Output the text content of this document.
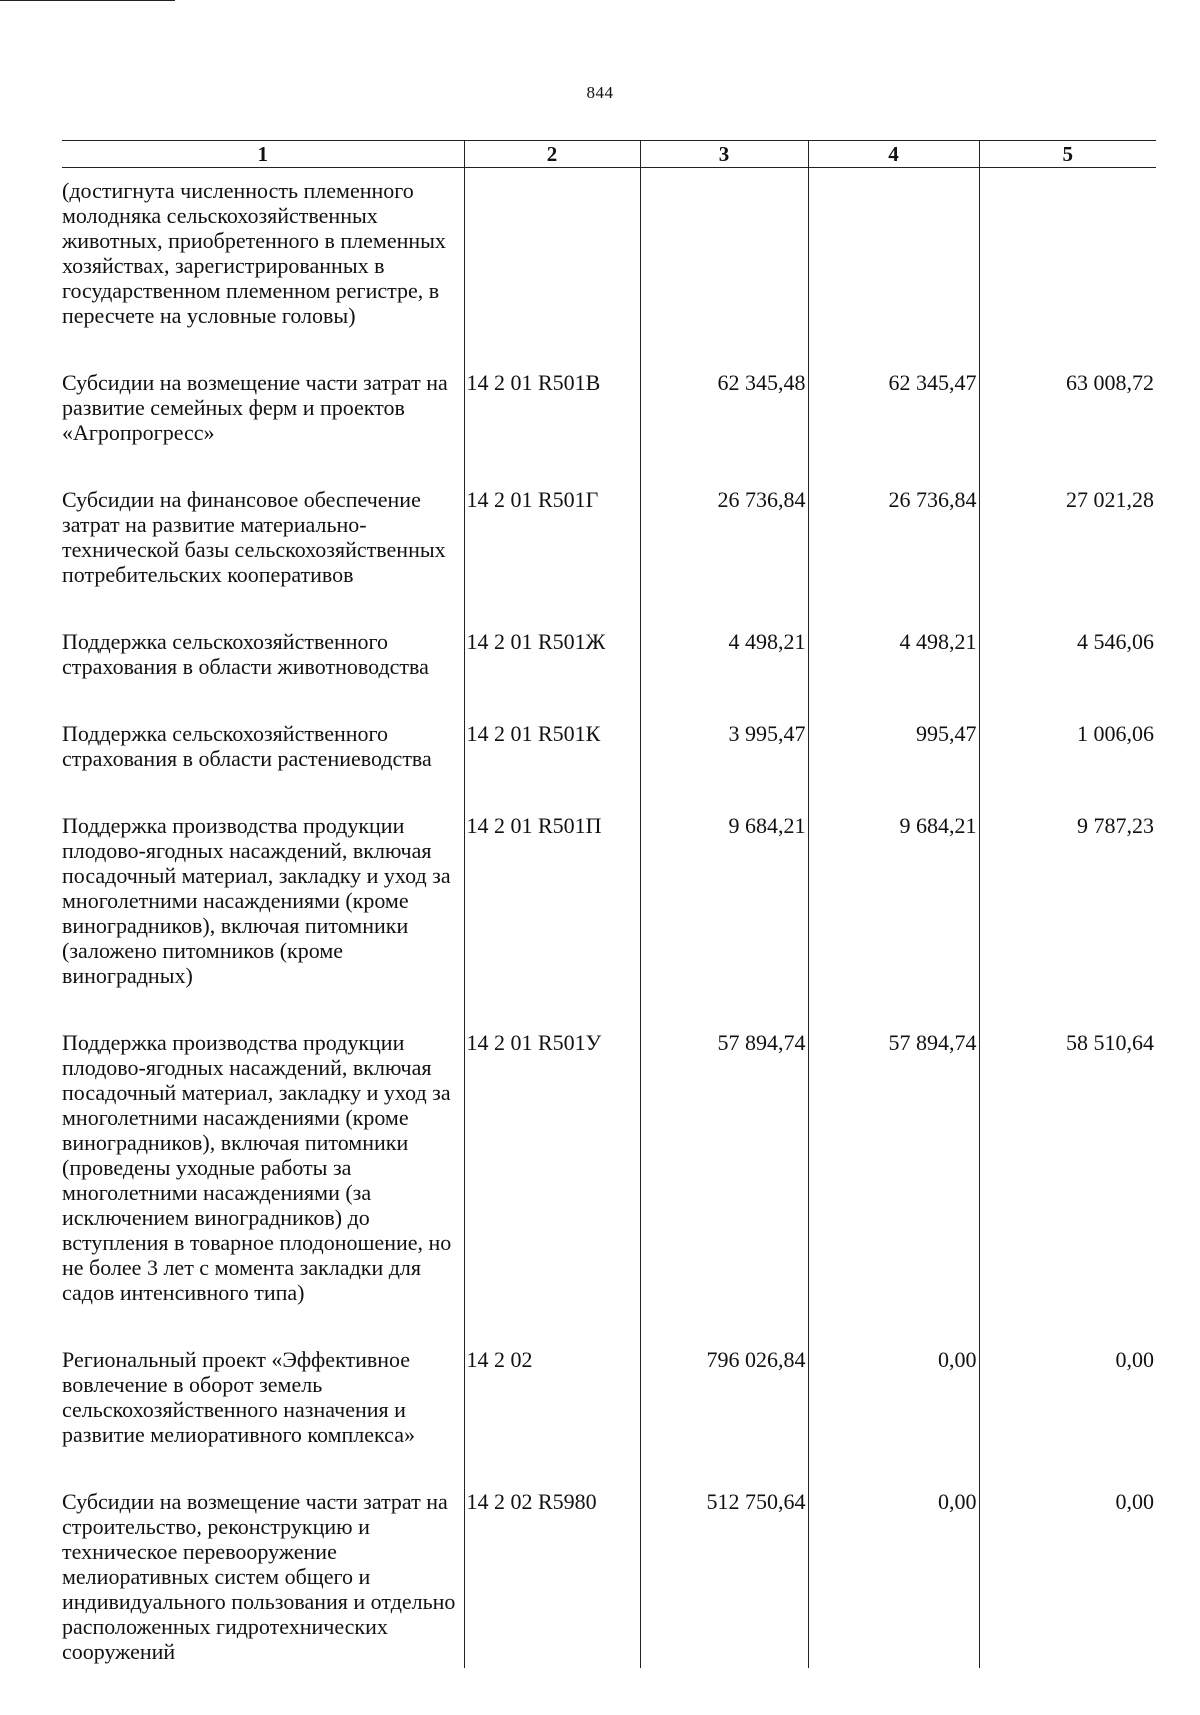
844
1	2	3	4	5
(достигнута численность племенного молодняка сельскохозяйственных животных, приобретенного в племенных хозяйствах, зарегистрированных в государственном племенном регистре, в пересчете на условные головы)				
Субсидии на возмещение части затрат на развитие семейных ферм и проектов «Агропрогресс»	14 2 01 R501В	62 345,48	62 345,47	63 008,72
Субсидии на финансовое обеспечение затрат на развитие материально-технической базы сельскохозяйственных потребительских кооперативов	14 2 01 R501Г	26 736,84	26 736,84	27 021,28
Поддержка сельскохозяйственного страхования в области животноводства	14 2 01 R501Ж	4 498,21	4 498,21	4 546,06
Поддержка сельскохозяйственного страхования в области растениеводства	14 2 01 R501К	3 995,47	995,47	1 006,06
Поддержка производства продукции плодово-ягодных насаждений, включая посадочный материал, закладку и уход за многолетними насаждениями (кроме виноградников), включая питомники (заложено питомников (кроме виноградных)	14 2 01 R501П	9 684,21	9 684,21	9 787,23
Поддержка производства продукции плодово-ягодных насаждений, включая посадочный материал, закладку и уход за многолетними насаждениями (кроме виноградников), включая питомники (проведены уходные работы за многолетними насаждениями (за исключением виноградников) до вступления в товарное плодоношение, но не более 3 лет с момента закладки для садов интенсивного типа)	14 2 01 R501У	57 894,74	57 894,74	58 510,64
Региональный проект «Эффективное вовлечение в оборот земель сельскохозяйственного назначения и развитие мелиоративного комплекса»	14 2 02	796 026,84	0,00	0,00
Субсидии на возмещение части затрат на строительство, реконструкцию и техническое перевооружение мелиоративных систем общего и индивидуального пользования и отдельно расположенных гидротехнических сооружений	14 2 02 R5980	512 750,64	0,00	0,00
